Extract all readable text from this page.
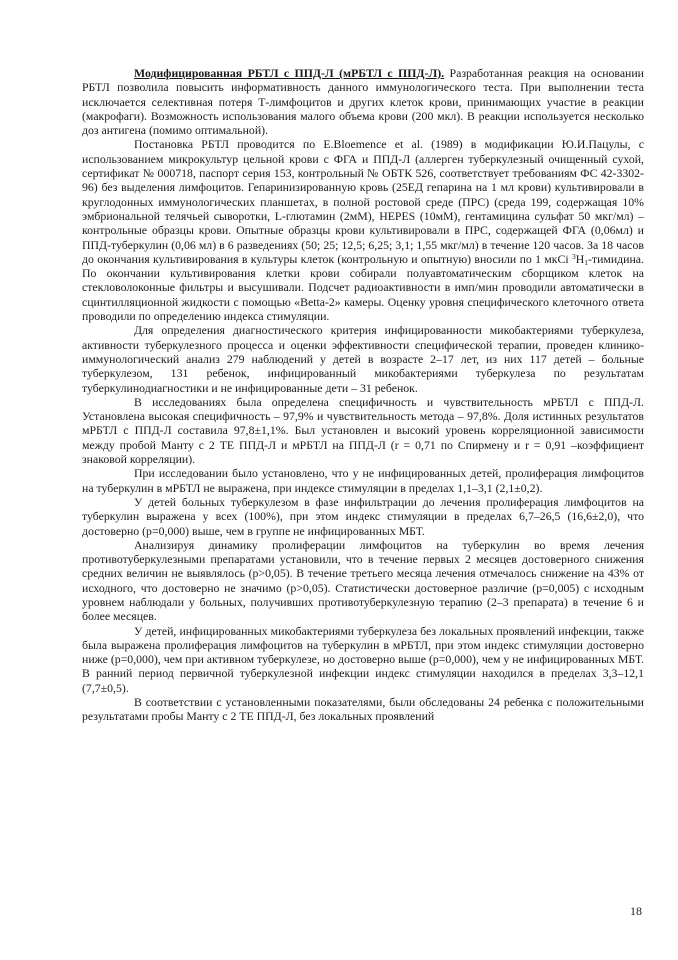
Модифицированная РБТЛ с ППД-Л (мРБТЛ с ППД-Л). Разработанная реакция на основании РБТЛ позволила повысить информативность данного иммунологического теста. При выполнении теста исключается селективная потеря Т-лимфоцитов и других клеток крови, принимающих участие в реакции (макрофаги). Возможность использования малого объема крови (200 мкл). В реакции используется несколько доз антигена (помимо оптимальной).

Постановка РБТЛ проводится по E.Bloemence et al. (1989) в модификации Ю.И.Пацулы, с использованием микрокультур цельной крови с ФГА и ППД-Л (аллерген туберкулезный очищенный сухой, сертификат № 000718, паспорт серия 153, контрольный № ОБТК 526, соответствует требованиям ФС 42-3302-96) без выделения лимфоцитов. Гепаринизированную кровь (25ЕД гепарина на 1 мл крови) культивировали в круглодонных иммунологических планшетах, в полной ростовой среде (ПРС) (среда 199, содержащая 10% эмбриональной телячьей сыворотки, L-глютамин (2мМ), HEPES (10мМ), гентамицина сульфат 50 мкг/мл) – контрольные образцы крови. Опытные образцы крови культивировали в ПРС, содержащей ФГА (0,06мл) и ППД-туберкулин (0,06 мл) в 6 разведениях (50; 25; 12,5; 6,25; 3,1; 1,55 мкг/мл) в течение 120 часов. За 18 часов до окончания культивирования в культуры клеток (контрольную и опытную) вносили по 1 мкCi $^3H_1$-тимидина. По окончании культивирования клетки крови собирали полуавтоматическим сборщиком клеток на стекловолоконные фильтры и высушивали. Подсчет радиоактивности в имп/мин проводили автоматически в сцинтилляционной жидкости с помощью «Betta-2» камеры. Оценку уровня специфического клеточного ответа проводили по определению индекса стимуляции.

Для определения диагностического критерия инфицированности микобактериями туберкулеза, активности туберкулезного процесса и оценки эффективности специфической терапии, проведен клинико-иммунологический анализ 279 наблюдений у детей в возрасте 2–17 лет, из них 117 детей – больные туберкулезом, 131 ребенок, инфицированный микобактериями туберкулеза по результатам туберкулинодиагностики и не инфицированные дети – 31 ребенок.

В исследованиях была определена специфичность и чувствительность мРБТЛ с ППД-Л. Установлена высокая специфичность – 97,9% и чувствительность метода – 97,8%. Доля истинных результатов мРБТЛ с ППД-Л составила 97,8±1,1%. Был установлен и высокий уровень корреляционной зависимости между пробой Манту с 2 ТЕ ППД-Л и мРБТЛ на ППД-Л (r = 0,71 по Спирмену и r = 0,91 –коэффициент знаковой корреляции).

При исследовании было установлено, что у не инфицированных детей, пролиферация лимфоцитов на туберкулин в мРБТЛ не выражена, при индексе стимуляции в пределах 1,1–3,1 (2,1±0,2).

У детей больных туберкулезом в фазе инфильтрации до лечения пролиферация лимфоцитов на туберкулин выражена у всех (100%), при этом индекс стимуляции в пределах 6,7–26,5 (16,6±2,0), что достоверно (р=0,000) выше, чем в группе не инфицированных МБТ.

Анализируя динамику пролиферации лимфоцитов на туберкулин во время лечения противотуберкулезными препаратами установили, что в течение первых 2 месяцев достоверного снижения средних величин не выявлялось (р>0,05). В течение третьего месяца лечения отмечалось снижение на 43% от исходного, что достоверно не значимо (р>0,05). Статистически достоверное различие (р=0,005) с исходным уровнем наблюдали у больных, получивших противотуберкулезную терапию (2–3 препарата) в течение 6 и более месяцев.

У детей, инфицированных микобактериями туберкулеза без локальных проявлений инфекции, также была выражена пролиферация лимфоцитов на туберкулин в мРБТЛ, при этом индекс стимуляции достоверно ниже (р=0,000), чем при активном туберкулезе, но достоверно выше (р=0,000), чем у не инфицированных МБТ. В ранний период первичной туберкулезной инфекции индекс стимуляции находился в пределах 3,3–12,1 (7,7±0,5).

В соответствии с установленными показателями, были обследованы 24 ребенка с положительными результатами пробы Манту с 2 ТЕ ППД-Л, без локальных проявлений

18
